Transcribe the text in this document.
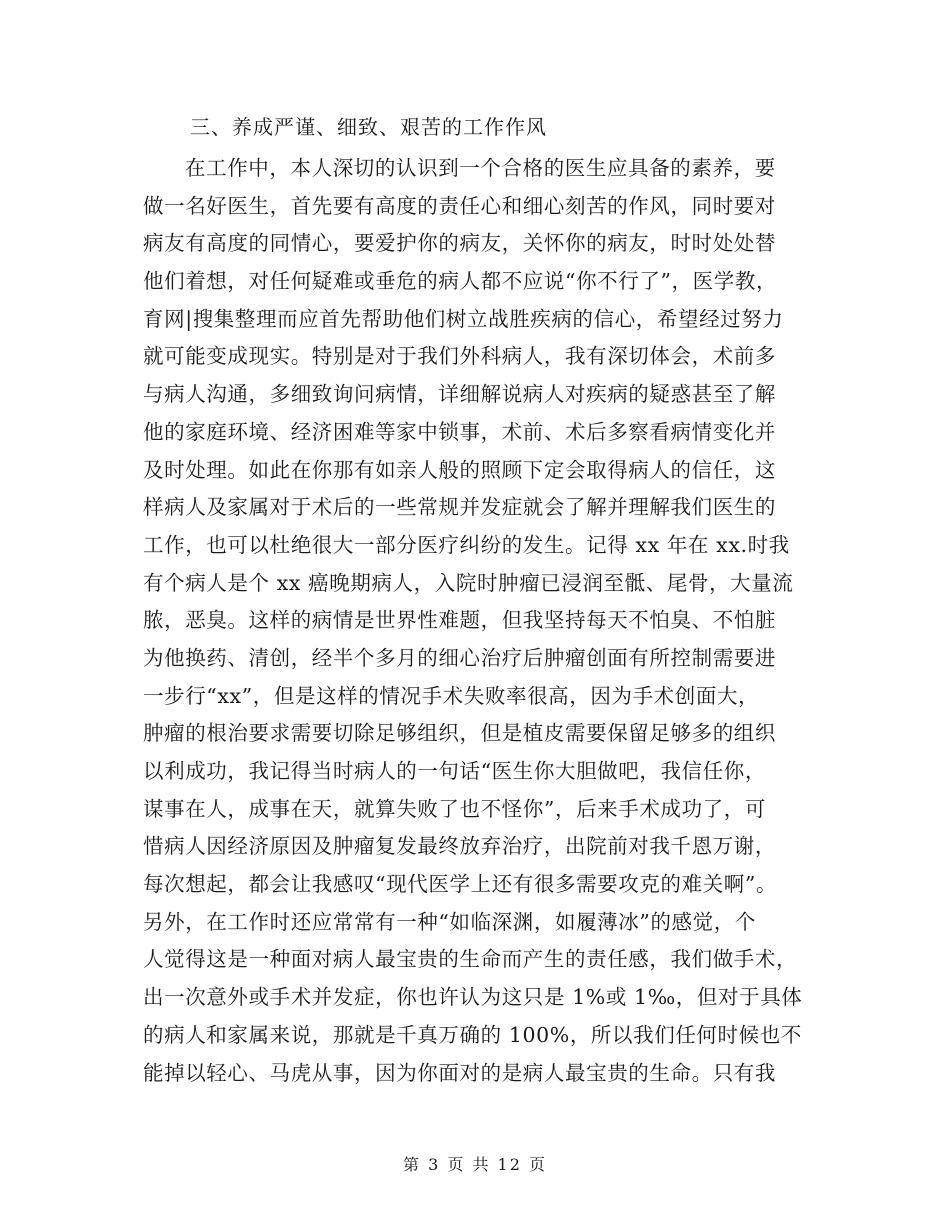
三、养成严谨、细致、艰苦的工作作风
在工作中，本人深切的认识到一个合格的医生应具备的素养，要
做一名好医生，首先要有高度的责任心和细心刻苦的作风，同时要对
病友有高度的同情心，要爱护你的病友，关怀你的病友，时时处处替
他们着想，对任何疑难或垂危的病人都不应说“你不行了”，医学教，
育网|搜集整理而应首先帮助他们树立战胜疾病的信心，希望经过努力
就可能变成现实。特别是对于我们外科病人，我有深切体会，术前多
与病人沟通，多细致询问病情，详细解说病人对疾病的疑惑甚至了解
他的家庭环境、经济困难等家中锁事，术前、术后多察看病情变化并
及时处理。如此在你那有如亲人般的照顾下定会取得病人的信任，这
样病人及家属对于术后的一些常规并发症就会了解并理解我们医生的
工作，也可以杜绝很大一部分医疗纠纷的发生。记得 xx 年在 xx.时我
有个病人是个 xx 癌晚期病人，入院时肿瘤已浸润至骶、尾骨，大量流
脓，恶臭。这样的病情是世界性难题，但我坚持每天不怕臭、不怕脏
为他换药、清创，经半个多月的细心治疗后肿瘤创面有所控制需要进
一步行“xx”，但是这样的情况手术失败率很高，因为手术创面大，
肿瘤的根治要求需要切除足够组织，但是植皮需要保留足够多的组织
以利成功，我记得当时病人的一句话“医生你大胆做吧，我信任你，
谋事在人，成事在天，就算失败了也不怪你”，后来手术成功了，可
惜病人因经济原因及肿瘤复发最终放弃治疗，出院前对我千恩万谢，
每次想起，都会让我感叹“现代医学上还有很多需要攻克的难关啊”。
另外，在工作时还应常常有一种“如临深渊，如履薄冰”的感觉，个
人觉得这是一种面对病人最宝贵的生命而产生的责任感，我们做手术，
出一次意外或手术并发症，你也许认为这只是 1%或 1‰，但对于具体
的病人和家属来说，那就是千真万确的 100%，所以我们任何时候也不
能掉以轻心、马虎从事，因为你面对的是病人最宝贵的生命。只有我
第 3 页 共 12 页
